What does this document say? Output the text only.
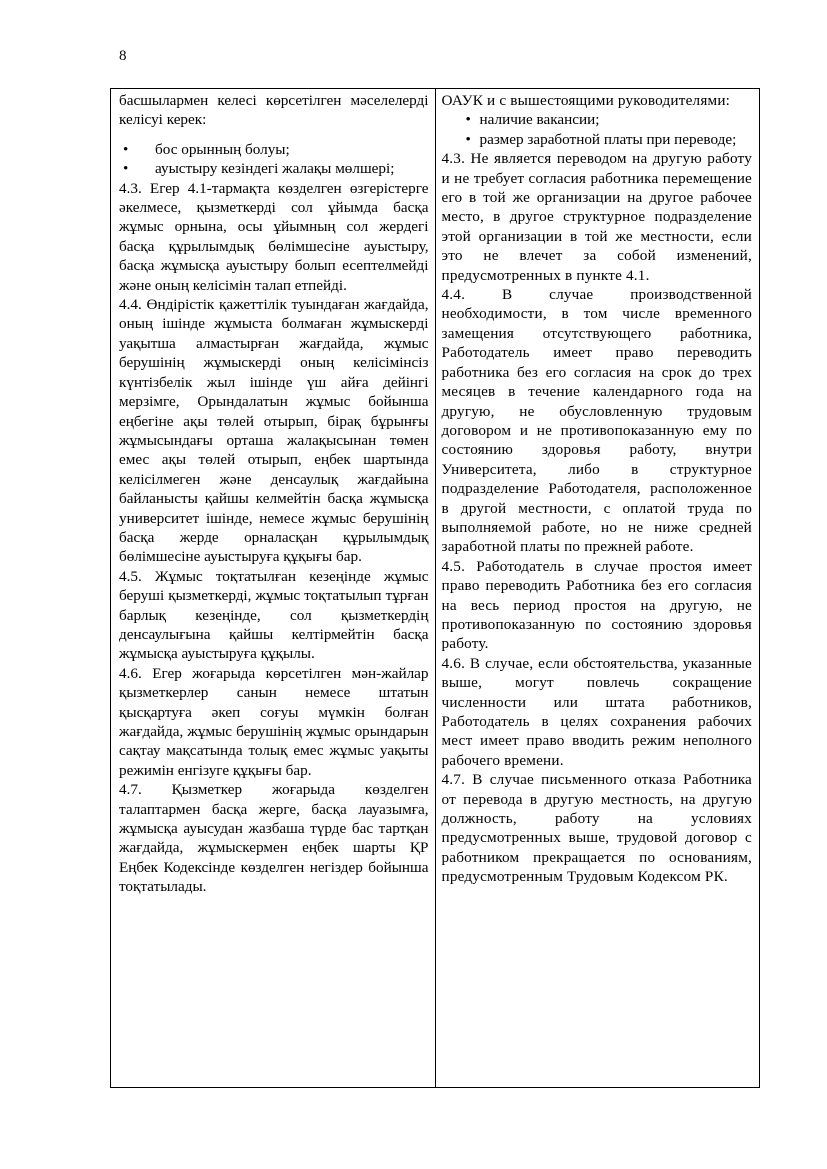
8

басшылармен келесі көрсетілген мәселелерді келісуі керек:

• бос орынның болуы;
• ауыстыру кезіндегі жалақы мөлшері;

4.3. Егер 4.1-тармақта көзделген өзгерістерге әкелмесе, қызметкерді сол ұйымда басқа жұмыс орнына, осы ұйымның сол жердегі басқа құрылымдық бөлімшесіне ауыстыру, басқа жұмысқа ауыстыру болып есептелмейді және оның келісімін талап етпейді.

4.4. Өндірістік қажеттілік туындаған жағдайда, оның ішінде жұмыста болмаған жұмыскерді уақытша алмастырған жағдайда, жұмыс берушінің жұмыскерді оның келісімінсіз күнтізбелік жыл ішінде үш айға дейінгі мерзімге, Орындалатын жұмыс бойынша еңбегіне ақы төлей отырып, бірақ бұрынғы жұмысындағы орташа жалақысынан төмен емес ақы төлей отырып, еңбек шартында келісілмеген және денсаулық жағдайына байланысты қайшы келмейтін басқа жұмысқа университет ішінде, немесе жұмыс берушінің басқа жерде орналасқан құрылымдық бөлімшесіне ауыстыруға құқығы бар.

4.5. Жұмыс тоқтатылған кезеңінде жұмыс беруші қызметкерді, жұмыс тоқтатылып тұрған барлық кезеңінде, сол қызметкердің денсаулығына қайшы келтірмейтін басқа жұмысқа ауыстыруға құқылы.

4.6. Егер жоғарыда көрсетілген мән-жайлар қызметкерлер санын немесе штатын қысқартуға әкеп соғуы мүмкін болған жағдайда, жұмыс берушінің жұмыс орындарын сақтау мақсатында толық емес жұмыс уақыты режимін енгізуге құқығы бар.

4.7. Қызметкер жоғарыда көзделген талаптармен басқа жерге, басқа лауазымға, жұмысқа ауысудан жазбаша түрде бас тартқан жағдайда, жұмыскермен еңбек шарты ҚР Еңбек Кодексінде көзделген негіздер бойынша тоқтатылады.

ОАУК и с вышестоящими руководителями:

• наличие вакансии;
• размер заработной платы при переводе;

4.3. Не является переводом на другую работу и не требует согласия работника перемещение его в той же организации на другое рабочее место, в другое структурное подразделение этой организации в той же местности, если это не влечет за собой изменений, предусмотренных в пункте 4.1.

4.4. В случае производственной необходимости, в том числе временного замещения отсутствующего работника, Работодатель имеет право переводить работника без его согласия на срок до трех месяцев в течение календарного года на другую, не обусловленную трудовым договором и не противопоказанную ему по состоянию здоровья работу, внутри Университета, либо в структурное подразделение Работодателя, расположенное в другой местности, с оплатой труда по выполняемой работе, но не ниже средней заработной платы по прежней работе.

4.5. Работодатель в случае простоя имеет право переводить Работника без его согласия на весь период простоя на другую, не противопоказанную по состоянию здоровья работу.

4.6. В случае, если обстоятельства, указанные выше, могут повлечь сокращение численности или штата работников, Работодатель в целях сохранения рабочих мест имеет право вводить режим неполного рабочего времени.

4.7. В случае письменного отказа Работника от перевода в другую местность, на другую должность, работу на условиях предусмотренных выше, трудовой договор с работником прекращается по основаниям, предусмотренным Трудовым Кодексом РК.
